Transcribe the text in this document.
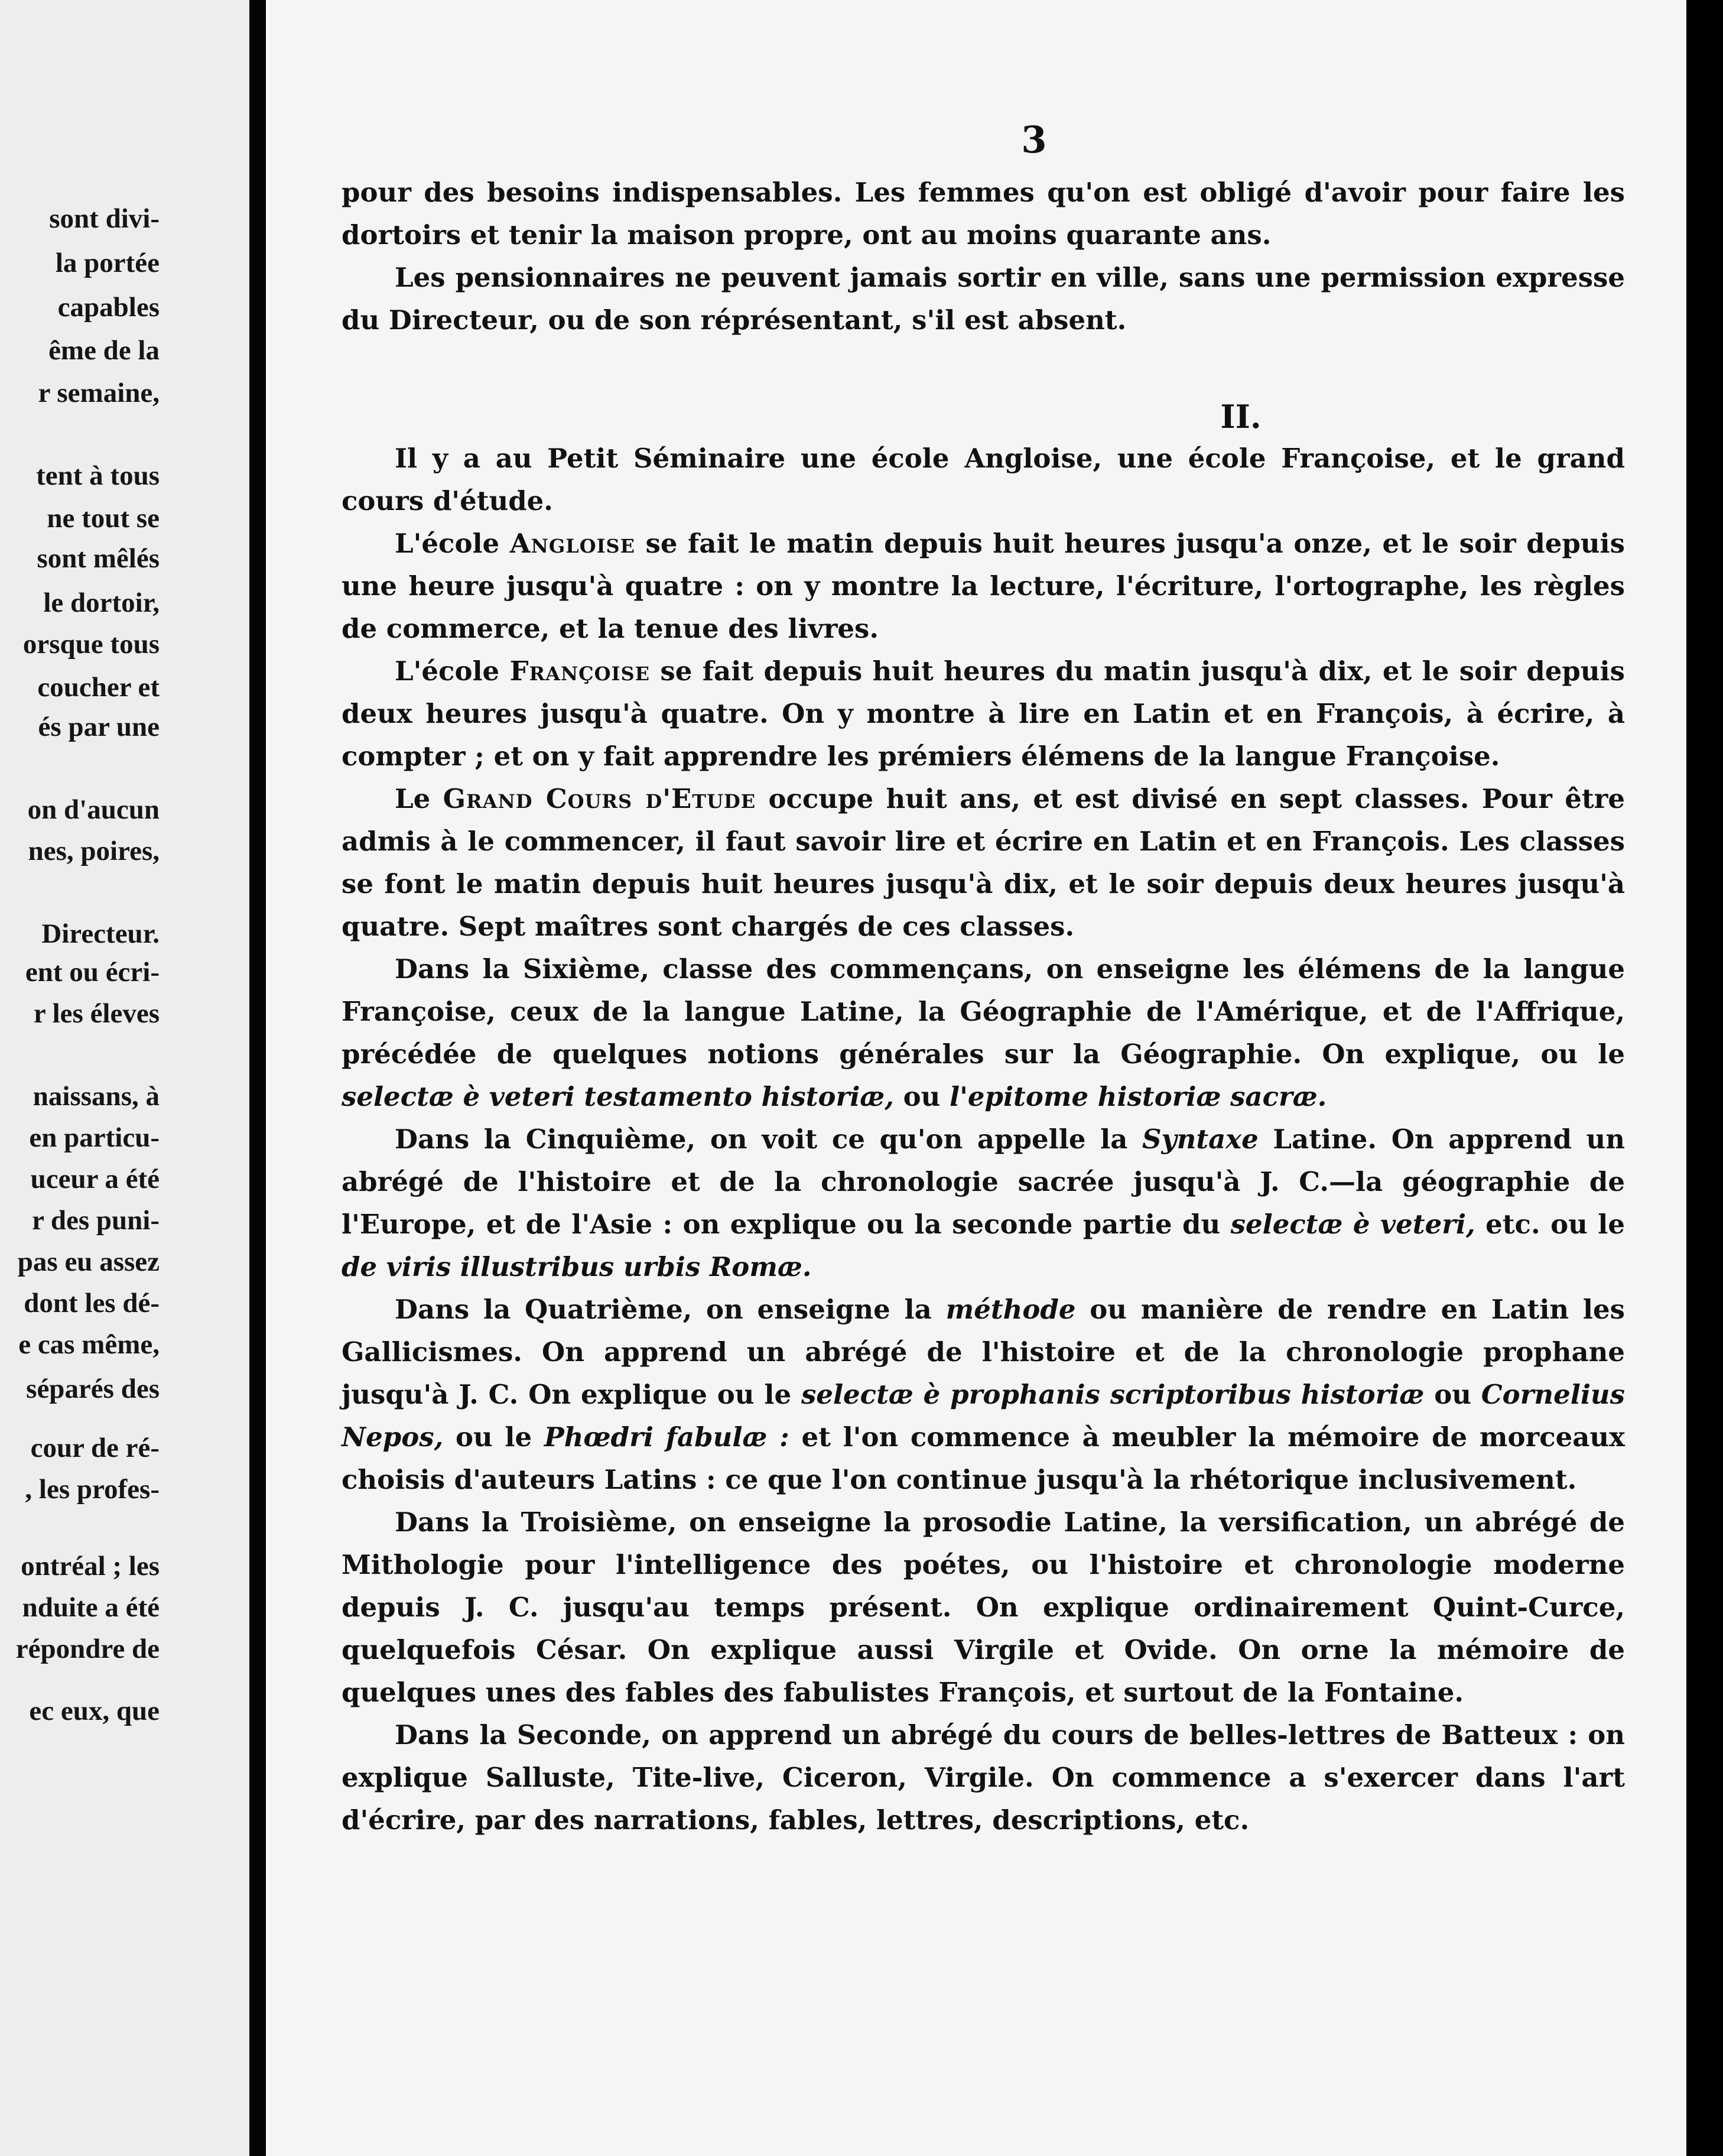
sont divi-
la portée
capables
ême de la
r semaine,
tent à tous
ne tout se
sont mêlés
le dortoir,
orsque tous
coucher et
és par une
on d'aucun
nes, poires,
Directeur.
ent ou écri-
r les éleves
naissans, à
en particu-
uceur a été
r des puni-
pas eu assez
dont les dé-
e cas même,
séparés des
cour de ré-
, les profes-
ontréal ; les
nduite a été
répondre de
ec eux, que
3

pour des besoins indispensables. Les femmes qu'on est obligé d'avoir pour faire les dortoirs et tenir la maison propre, ont au moins quarante ans.

Les pensionnaires ne peuvent jamais sortir en ville, sans une permission expresse du Directeur, ou de son réprésentant, s'il est absent.

Il y a au Petit Séminaire une école Angloise, une école Françoise, et le grand cours d'étude.

L'école Angloise se fait le matin depuis huit heures jusqu'a onze, et le soir depuis une heure jusqu'à quatre : on y montre la lecture, l'écriture, l'ortographe, les règles de commerce, et la tenue des livres.

L'école Françoise se fait depuis huit heures du matin jusqu'à dix, et le soir depuis deux heures jusqu'à quatre. On y montre à lire en Latin et en François, à écrire, à compter ; et on y fait apprendre les prémiers élémens de la langue Françoise.

Le Grand Cours d'Etude occupe huit ans, et est divisé en sept classes. Pour être admis à le commencer, il faut savoir lire et écrire en Latin et en François. Les classes se font le matin depuis huit heures jusqu'à dix, et le soir depuis deux heures jusqu'à quatre. Sept maîtres sont chargés de ces classes.

Dans la Sixième, classe des commençans, on enseigne les élémens de la langue Françoise, ceux de la langue Latine, la Géographie de l'Amérique, et de l'Affrique, précédée de quelques notions générales sur la Géographie. On explique, ou le selectæ è veteri testamento historiæ, ou l'epitome historiæ sacræ.

Dans la Cinquième, on voit ce qu'on appelle la Syntaxe Latine. On apprend un abrégé de l'histoire et de la chronologie sacrée jusqu'à J. C.—la géographie de l'Europe, et de l'Asie : on explique ou la seconde partie du selectæ è veteri, etc. ou le de viris illustribus urbis Romæ.

Dans la Quatrième, on enseigne la méthode ou manière de rendre en Latin les Gallicismes. On apprend un abrégé de l'histoire et de la chronologie prophane jusqu'à J. C. On explique ou le selectæ è prophanis scriptoribus historiæ ou Cornelius Nepos, ou le Phœdri fabulæ : et l'on commence à meubler la mémoire de morceaux choisis d'auteurs Latins : ce que l'on continue jusqu'à la rhétorique inclusivement.

Dans la Troisième, on enseigne la prosodie Latine, la versification, un abrégé de Mithologie pour l'intelligence des poétes, ou l'histoire et chronologie moderne depuis J. C. jusqu'au temps présent. On explique ordinairement Quint-Curce, quelquefois César. On explique aussi Virgile et Ovide. On orne la mémoire de quelques unes des fables des fabulistes François, et surtout de la Fontaine.

Dans la Seconde, on apprend un abrégé du cours de belles-lettres de Batteux : on explique Salluste, Tite-live, Ciceron, Virgile. On commence a s'exercer dans l'art d'écrire, par des narrations, fables, lettres, descriptions, etc.

II.
